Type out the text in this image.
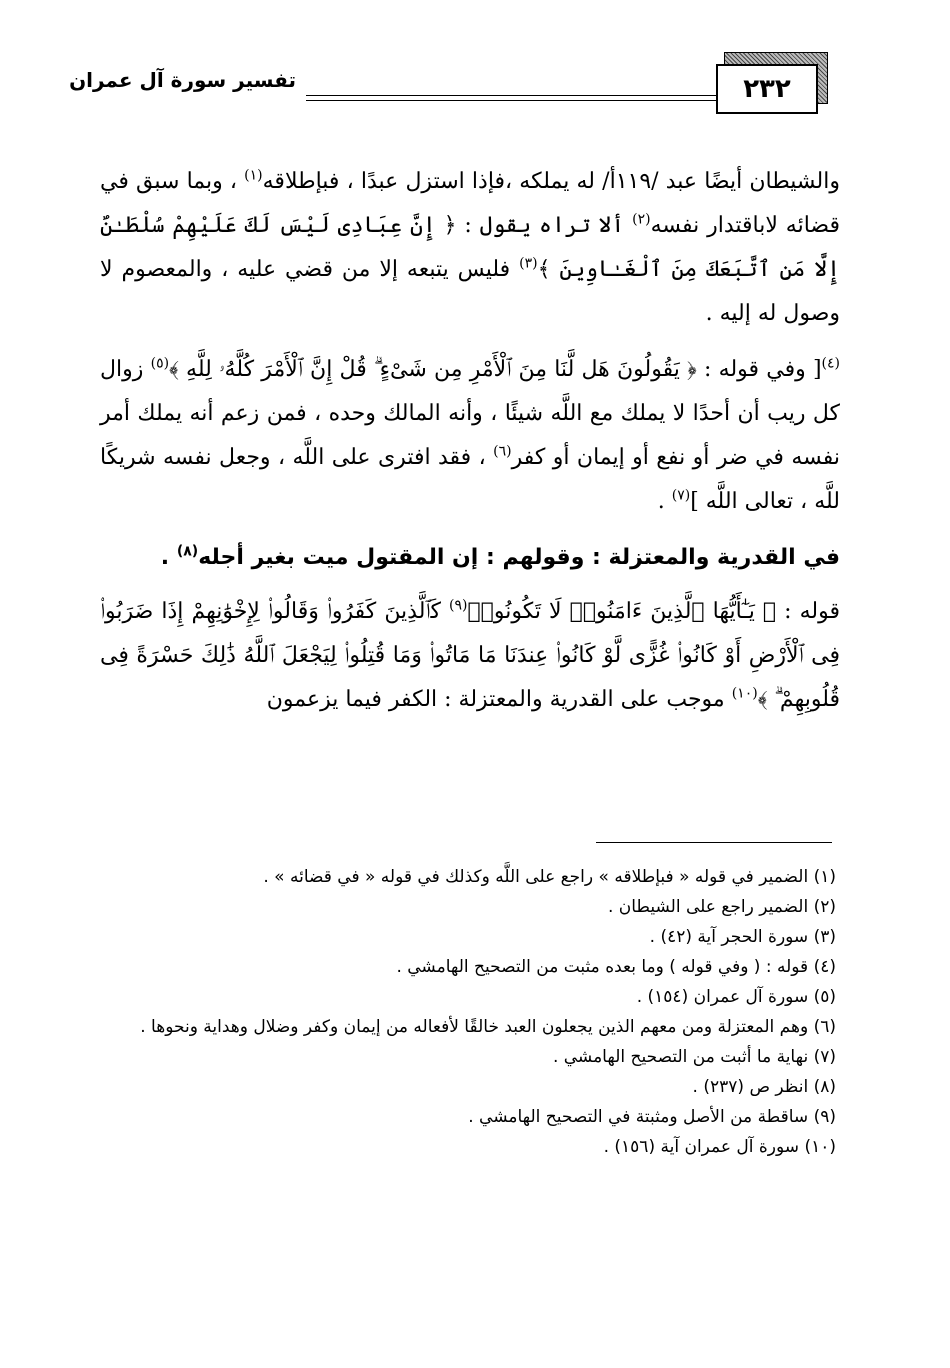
٢٣٢
تفسير سورة آل عمران

والشيطان أيضًا عبد /١١٩أ/ له يملكه ،فإذا استزل عبدًا ، فبإطلاقه$^{(١)}$ ، وبما سبق في قضائه لاباقتدار نفسه$^{(٢)}$ ألا تراه يقول : ﴿ إِنَّ عِبَادِى لَيْسَ لَكَ عَلَيْهِمْ سُلْطَـٰنٌ إِلَّا مَنِ ٱتَّبَعَكَ مِنَ ٱلْغَـٰاوِينَ ﴾$^{(٣)}$ فليس يتبعه إلا من قضي عليه ، والمعصوم لا وصول له إليه .

$^{(٤)}$[ وفي قوله : ﴿ يَقُولُونَ هَل لَّنَا مِنَ ٱلْأَمْرِ مِن شَىْءٍ ۗ قُلْ إِنَّ ٱلْأَمْرَ كُلَّهُۥ لِلَّهِ ﴾$^{(٥)}$ زوال كل ريب أن أحدًا لا يملك مع اللَّه شيئًا ، وأنه المالك وحده ، فمن زعم أنه يملك أمر نفسه في ضر أو نفع أو إيمان أو كفر$^{(٦)}$ ، فقد افترى على اللَّه ، وجعل نفسه شريكًا للَّه ، تعالى اللَّه ]$^{(٧)}$ .

في القدرية والمعتزلة : وقولهم : إن المقتول ميت بغير أجله$^{(٨)}$ .

قوله : ﴿ يَـٰٓأَيُّهَا ٱلَّذِينَ ءَامَنُوا۟ لَا تَكُونُوا۟$^{(٩)}$ كَٱلَّذِينَ كَفَرُوا۟ وَقَالُوا۟ لِإِخْوَٰنِهِمْ إِذَا ضَرَبُوا۟ فِى ٱلْأَرْضِ أَوْ كَانُوا۟ غُزًّى لَّوْ كَانُوا۟ عِندَنَا مَا مَاتُوا۟ وَمَا قُتِلُوا۟ لِيَجْعَلَ ٱللَّهُ ذَٰلِكَ حَسْرَةً فِى قُلُوبِهِمْ ۗ ﴾$^{(١٠)}$ موجب على القدرية والمعتزلة : الكفر فيما يزعمون

(١) الضمير في قوله « فبإطلاقه » راجع على اللَّه وكذلك في قوله « في قضائه » .

(٢) الضمير راجع على الشيطان .

(٣) سورة الحجر آية (٤٢) .

(٤) قوله : ( وفي قوله ) وما بعده مثبت من التصحيح الهامشي .

(٥) سورة آل عمران (١٥٤) .

(٦) وهم المعتزلة ومن معهم الذين يجعلون العبد خالقًا لأفعاله من إيمان وكفر وضلال وهداية ونحوها .

(٧) نهاية ما أثبت من التصحيح الهامشي .

(٨) انظر ص (٢٣٧) .

(٩) ساقطة من الأصل ومثبتة في التصحيح الهامشي .

(١٠) سورة آل عمران آية (١٥٦) .
